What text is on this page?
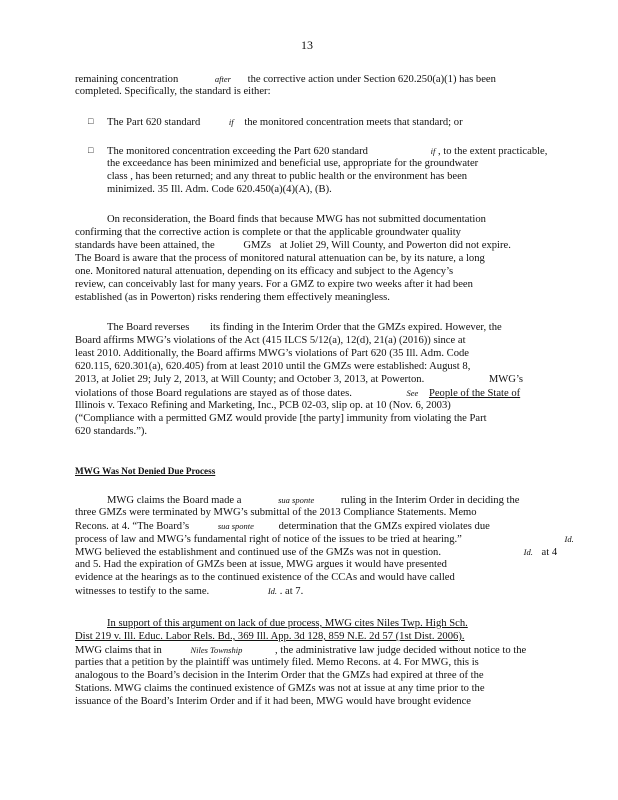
13
remaining concentration	after the corrective action under Section 620.250(a)(1) has been
completed. Specifically, the standard is either:
□ The Part 620 standard	if the monitored concentration meets that standard; or
□ The monitored concentration exceeding the Part 620 standard	if , to the extent practicable,
the exceedance has been minimized and beneficial use, appropriate for the groundwater
class , has been returned; and any threat to public health or the environment has been
minimized. 35 Ill. Adm. Code 620.450(a)(4)(A), (B).
On reconsideration, the Board finds that because MWG has not submitted documentation
confirming that the corrective action is complete or that the applicable groundwater quality
standards have been attained, the	GMZs at Joliet 29, Will County, and Powerton did not expire.
The Board is aware that the process of monitored natural attenuation can be, by its nature, a long
one. Monitored natural attenuation, depending on its efficacy and subject to the Agency’s
review, can conceivably last for many years. For a GMZ to expire two weeks after it had been
established (as in Powerton) risks rendering them effectively meaningless.
The Board reverses its finding in the Interim Order that the GMZs expired. However, the
Board affirms MWG’s violations of the Act (415 ILCS 5/12(a), 12(d), 21(a) (2016)) since at
least 2010. Additionally, the Board affirms MWG’s violations of Part 620 (35 Ill. Adm. Code
620.115, 620.301(a), 620.405) from at least 2010 until the GMZs were established: August 8,
2013, at Joliet 29; July 2, 2013, at Will County; and October 3, 2013, at Powerton.	MWG’s
violations of those Board regulations are stayed as of those dates.	See People of the State of
Illinois v. Texaco Refining and Marketing, Inc., PCB 02-03, slip op. at 10 (Nov. 6, 2003)
(“Compliance with a permitted GMZ would provide [the party] immunity from violating the Part
620 standards.”).
MWG Was Not Denied Due Process
MWG claims the Board made a	sua sponte	ruling in the Interim Order in deciding the
three GMZs were terminated by MWG’s submittal of the 2013 Compliance Statements. Memo
Recons. at 4. “The Board’s	sua sponte determination that the GMZs expired violates due
process of law and MWG’s fundamental right of notice of the issues to be tried at hearing.”	Id.
MWG believed the establishment and continued use of the GMZs was not in question.	Id. at 4
and 5. Had the expiration of GMZs been at issue, MWG argues it would have presented
evidence at the hearings as to the continued existence of the CCAs and would have called
witnesses to testify to the same.	Id. . at 7.
In support of this argument on lack of due process, MWG cites Niles Twp. High Sch.
Dist 219 v. Ill. Educ. Labor Rels. Bd., 369 Ill. App. 3d 128, 859 N.E. 2d 57 (1st Dist. 2006).
MWG claims that in	Niles Township	, the administrative law judge decided without notice to the
parties that a petition by the plaintiff was untimely filed. Memo Recons. at 4. For MWG, this is
analogous to the Board’s decision in the Interim Order that the GMZs had expired at three of the
Stations. MWG claims the continued existence of GMZs was not at issue at any time prior to the
issuance of the Board’s Interim Order and if it had been, MWG would have brought evidence
